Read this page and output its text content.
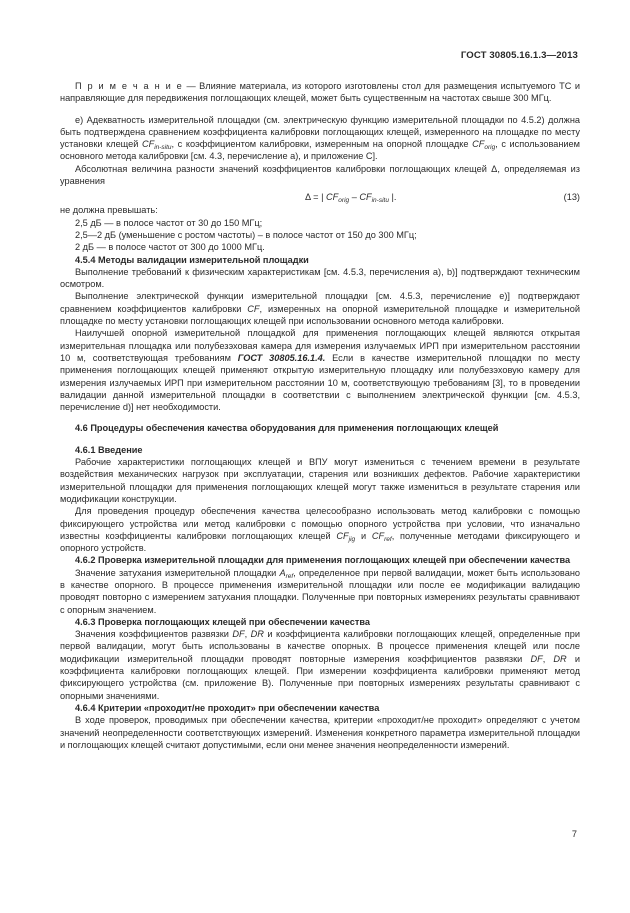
ГОСТ 30805.16.1.3—2013

П р и м е ч а н и е — Влияние материала, из которого изготовлены стол для размещения испытуемого ТС и направляющие для передвижения поглощающих клещей, может быть существенным на частотах свыше 300 МГц.

е) Адекватность измерительной площадки (см. электрическую функцию измерительной площадки по 4.5.2) должна быть подтверждена сравнением коэффициента калибровки поглощающих клещей, измеренного на площадке по месту установки клещей $CF_{in-situ}$, с коэффициентом калибровки, измеренным на опорной площадке $CF_{orig}$, с использованием основного метода калибровки [см. 4.3, перечисление а), и приложение С].

Абсолютная величина разности значений коэффициентов калибровки поглощающих клещей Δ, определяемая из уравнения

Δ = | $CF_{orig} - CF_{in-situ}$ |.	(13)

не должна превышать:

2,5 дБ — в полосе частот от 30 до 150 МГц;

2,5—2 дБ (уменьшение с ростом частоты) – в полосе частот от 150 до 300 МГц;

2 дБ — в полосе частот от 300 до 1000 МГц.

4.5.4 Методы валидации измерительной площадки

Выполнение требований к физическим характеристикам [см. 4.5.3, перечисления а), b)] подтверждают техническим осмотром.

Выполнение электрической функции измерительной площадки [см. 4.5.3, перечисление е)] подтверждают сравнением коэффициентов калибровки CF, измеренных на опорной измерительной площадке и измерительной площадке по месту установки поглощающих клещей при использовании основного метода калибровки.

Наилучшей опорной измерительной площадкой для применения поглощающих клещей являются открытая измерительная площадка или полубезэховая камера для измерения излучаемых ИРП при измерительном расстоянии 10 м, соответствующая требованиям ГОСТ 30805.16.1.4. Если в качестве измерительной площадки по месту применения поглощающих клещей применяют открытую измерительную площадку или полубезэховую камеру для измерения излучаемых ИРП при измерительном расстоянии 10 м, соответствующую требованиям [3], то в проведении валидации данной измерительной площадки в соответствии с выполнением электрической функции [см. 4.5.3, перечисление d)] нет необходимости.

4.6 Процедуры обеспечения качества оборудования для применения поглощающих клещей

4.6.1 Введение

Рабочие характеристики поглощающих клещей и ВПУ могут измениться с течением времени в результате воздействия механических нагрузок при эксплуатации, старения или возникших дефектов. Рабочие характеристики измерительной площадки для применения поглощающих клещей могут также измениться в результате старения или модификации конструкции.

Для проведения процедур обеспечения качества целесообразно использовать метод калибровки с помощью фиксирующего устройства или метод калибровки с помощью опорного устройства при условии, что изначально известны коэффициенты калибровки поглощающих клещей $CF_{jig}$ и $CF_{ref}$, полученные методами фиксирующего и опорного устройств.

4.6.2 Проверка измерительной площадки для применения поглощающих клещей при обеспечении качества

Значение затухания измерительной площадки $A_{ref}$, определенное при первой валидации, может быть использовано в качестве опорного. В процессе применения измерительной площадки или после ее модификации валидацию проводят повторно с измерением затухания площадки. Полученные при повторных измерениях результаты сравнивают с опорным значением.

4.6.3 Проверка поглощающих клещей при обеспечении качества

Значения коэффициентов развязки DF, DR и коэффициента калибровки поглощающих клещей, определенные при первой валидации, могут быть использованы в качестве опорных. В процессе применения клещей или после модификации измерительной площадки проводят повторные измерения коэффициентов развязки DF, DR и коэффициента калибровки поглощающих клещей. При измерении коэффициента калибровки применяют метод фиксирующего устройства (см. приложение В). Полученные при повторных измерениях результаты сравнивают с опорными значениями.

4.6.4 Критерии «проходит/не проходит» при обеспечении качества

В ходе проверок, проводимых при обеспечении качества, критерии «проходит/не проходит» определяют с учетом значений неопределенности соответствующих измерений. Изменения конкретного параметра измерительной площадки и поглощающих клещей считают допустимыми, если они менее значения неопределенности измерений.

7
